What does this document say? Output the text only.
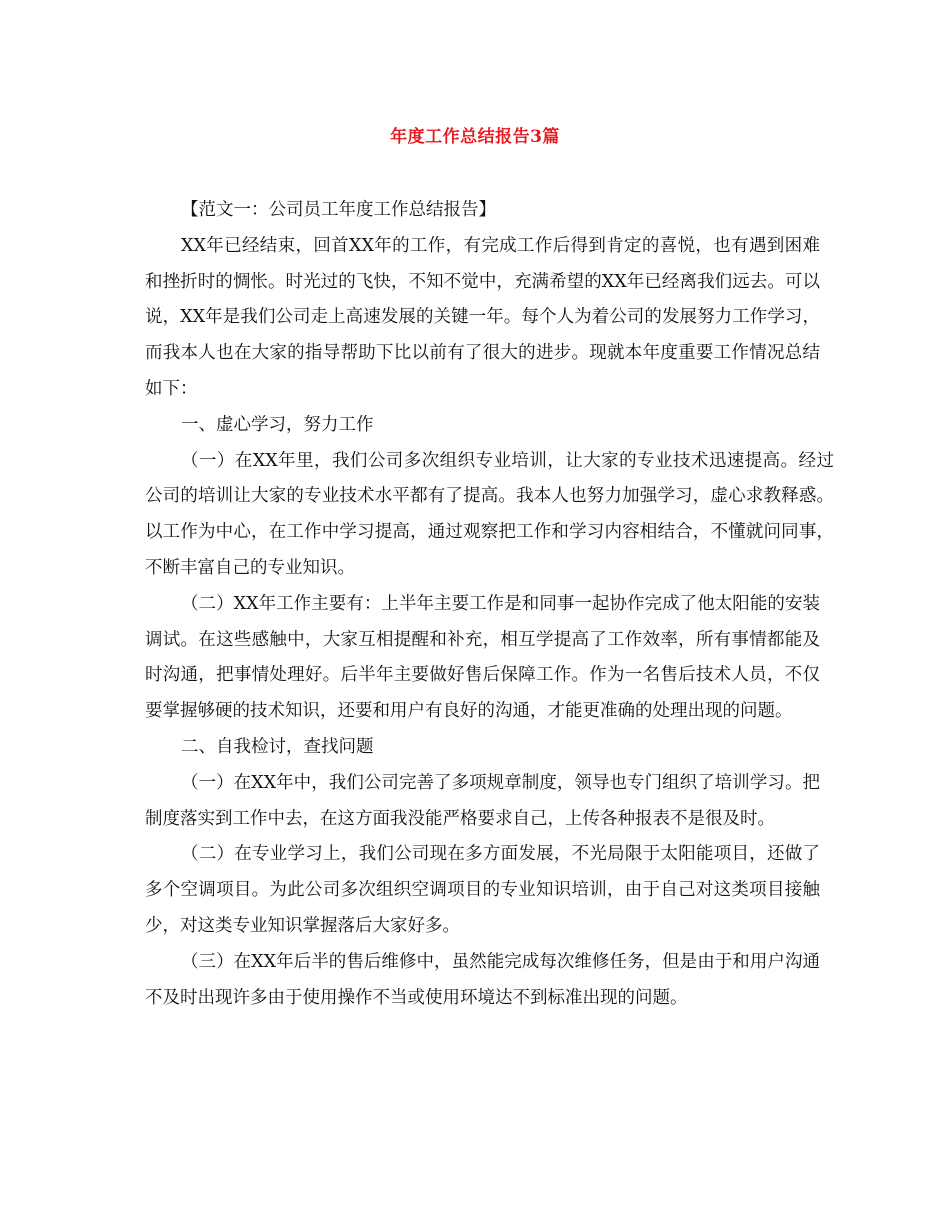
年度工作总结报告3篇

【范文一：公司员工年度工作总结报告】

XX年已经结束，回首XX年的工作，有完成工作后得到肯定的喜悦，也有遇到困难和挫折时的惆怅。时光过的飞快，不知不觉中，充满希望的XX年已经离我们远去。可以说，XX年是我们公司走上高速发展的关键一年。每个人为着公司的发展努力工作学习，而我本人也在大家的指导帮助下比以前有了很大的进步。现就本年度重要工作情况总结如下：

一、虚心学习，努力工作

（一）在XX年里，我们公司多次组织专业培训，让大家的专业技术迅速提高。经过公司的培训让大家的专业技术水平都有了提高。我本人也努力加强学习，虚心求教释惑。以工作为中心，在工作中学习提高，通过观察把工作和学习内容相结合，不懂就问同事，不断丰富自己的专业知识。

（二）XX年工作主要有：上半年主要工作是和同事一起协作完成了他太阳能的安装调试。在这些感触中，大家互相提醒和补充，相互学提高了工作效率，所有事情都能及时沟通，把事情处理好。后半年主要做好售后保障工作。作为一名售后技术人员，不仅要掌握够硬的技术知识，还要和用户有良好的沟通，才能更准确的处理出现的问题。

二、自我检讨，查找问题

（一）在XX年中，我们公司完善了多项规章制度，领导也专门组织了培训学习。把制度落实到工作中去，在这方面我没能严格要求自己，上传各种报表不是很及时。

（二）在专业学习上，我们公司现在多方面发展，不光局限于太阳能项目，还做了多个空调项目。为此公司多次组织空调项目的专业知识培训，由于自己对这类项目接触少，对这类专业知识掌握落后大家好多。

（三）在XX年后半的售后维修中，虽然能完成每次维修任务，但是由于和用户沟通不及时出现许多由于使用操作不当或使用环境达不到标准出现的问题。
